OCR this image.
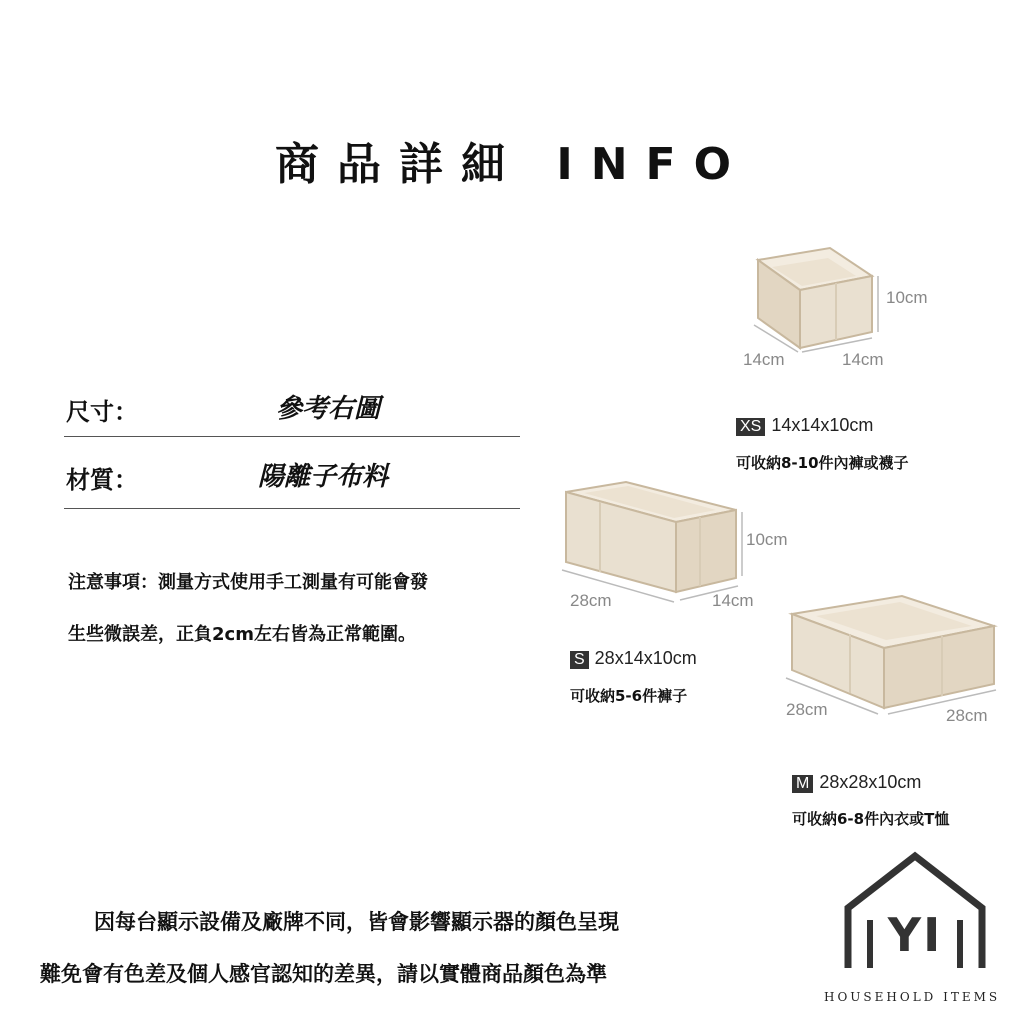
商品詳細 INFO
尺寸：	參考右圖
材質：	陽離子布料
注意事項：測量方式使用手工測量有可能會發
生些微誤差，正負2cm左右皆為正常範圍。
10cm
14cm	14cm
XS 14x14x10cm
可收納8-10件內褲或襪子
10cm
28cm	14cm
S 28x14x10cm
可收納5-6件褲子
28cm	28cm
M 28x28x10cm
可收納6-8件內衣或T恤
因每台顯示設備及廠牌不同，皆會影響顯示器的顏色呈現
難免會有色差及個人感官認知的差異，請以實體商品顏色為準
YI
HOUSEHOLD ITEMS
